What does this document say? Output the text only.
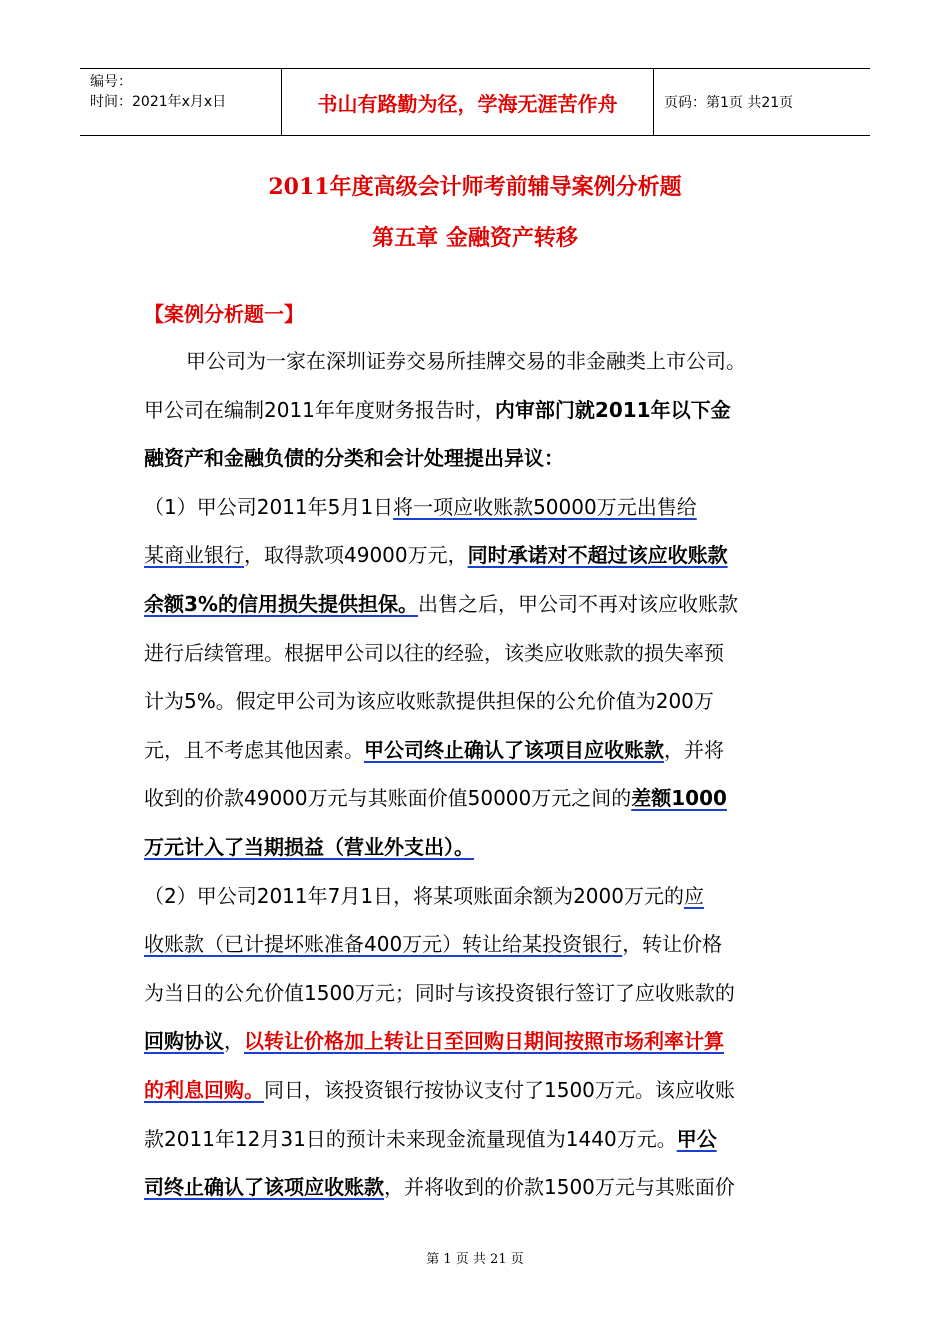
编号：
时间：2021年x月x日	书山有路勤为径，学海无涯苦作舟	页码：第1页 共21页
2011年度高级会计师考前辅导案例分析题
第五章 金融资产转移
【案例分析题一】
甲公司为一家在深圳证券交易所挂牌交易的非金融类上市公司。
甲公司在编制2011年年度财务报告时，内审部门就2011年以下金
融资产和金融负债的分类和会计处理提出异议：
（1）甲公司2011年5月1日将一项应收账款50000万元出售给
某商业银行，取得款项49000万元，同时承诺对不超过该应收账款
余额3%的信用损失提供担保。出售之后，甲公司不再对该应收账款
进行后续管理。根据甲公司以往的经验，该类应收账款的损失率预
计为5%。假定甲公司为该应收账款提供担保的公允价值为200万
元，且不考虑其他因素。甲公司终止确认了该项目应收账款，并将
收到的价款49000万元与其账面价值50000万元之间的差额1000
万元计入了当期损益（营业外支出）。
（2）甲公司2011年7月1日，将某项账面余额为2000万元的应
收账款（已计提坏账准备400万元）转让给某投资银行，转让价格
为当日的公允价值1500万元；同时与该投资银行签订了应收账款的
回购协议，以转让价格加上转让日至回购日期间按照市场利率计算
的利息回购。同日，该投资银行按协议支付了1500万元。该应收账
款2011年12月31日的预计未来现金流量现值为1440万元。甲公
司终止确认了该项应收账款，并将收到的价款1500万元与其账面价
第 1 页 共 21 页
